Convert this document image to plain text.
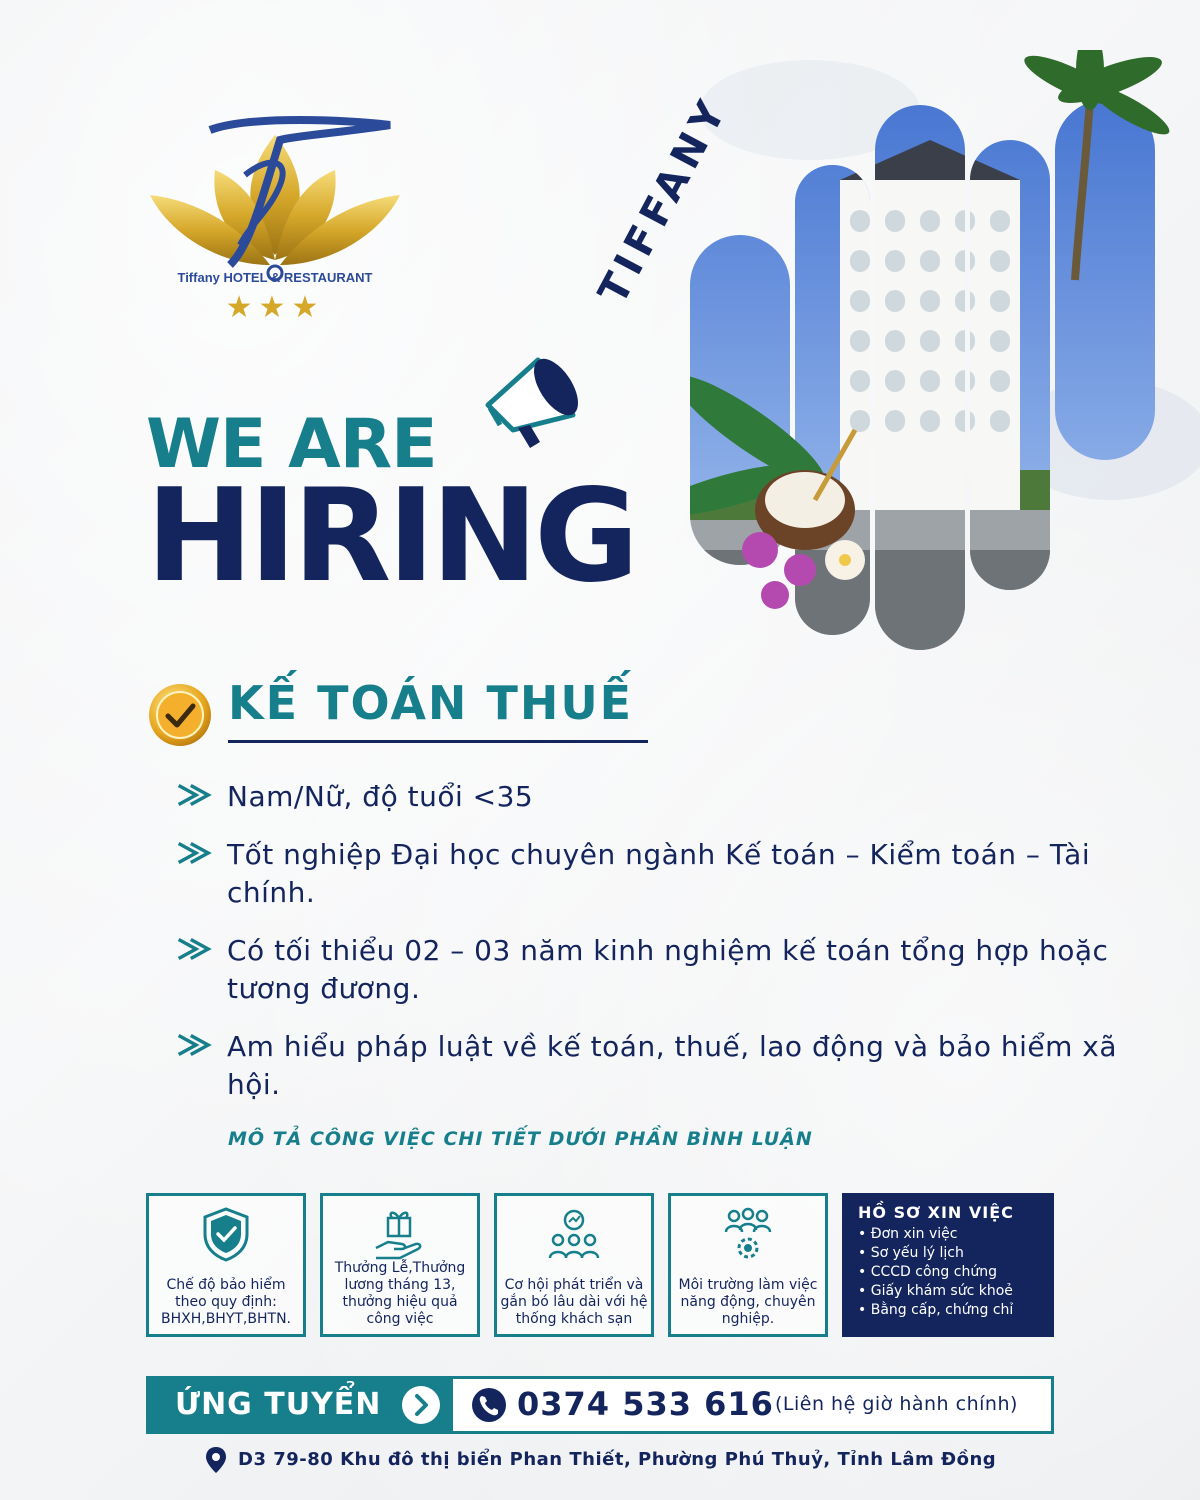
Tiffany HOTEL & RESTAURANT
★★★	TIFFANY
WE ARE
HIRING
KẾ TOÁN THUẾ
Nam/Nữ, độ tuổi <35
Tốt nghiệp Đại học chuyên ngành Kế toán – Kiểm toán – Tài chính.
Có tối thiểu 02 – 03 năm kinh nghiệm kế toán tổng hợp hoặc tương đương.
Am hiểu pháp luật về kế toán, thuế, lao động và bảo hiểm xã hội.
MÔ TẢ CÔNG VIỆC CHI TIẾT DƯỚI PHẦN BÌNH LUẬN
Chế độ bảo hiểm theo quy định: BHXH,BHYT,BHTN.
Thưởng Lễ,Thưởng lương tháng 13, thưởng hiệu quả công việc
Cơ hội phát triển và gắn bó lâu dài với hệ thống khách sạn
Môi trường làm việc năng động, chuyên nghiệp.
HỒ SƠ XIN VIỆC
• Đơn xin việc
• Sơ yếu lý lịch
• CCCD công chứng
• Giấy khám sức khoẻ
• Bằng cấp, chứng chỉ
ỨNG TUYỂN	0374 533 616 (Liên hệ giờ hành chính)
D3 79-80 Khu đô thị biển Phan Thiết, Phường Phú Thuỷ, Tỉnh Lâm Đồng
